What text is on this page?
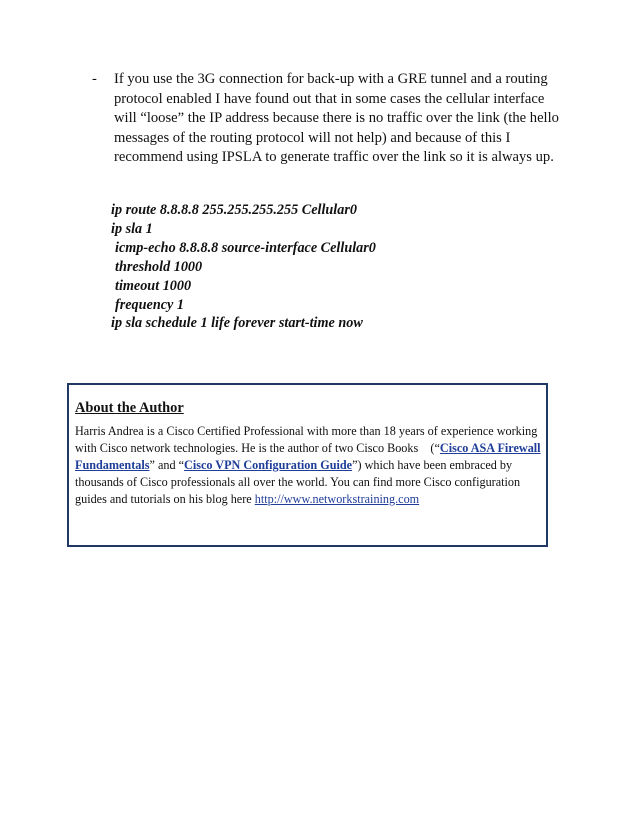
- If you use the 3G connection for back-up with a GRE tunnel and a routing
protocol enabled I have found out that in some cases the cellular interface
will “loose” the IP address because there is no traffic over the link (the hello
messages of the routing protocol will not help) and because of this I
recommend using IPSLA to generate traffic over the link so it is always up.
ip route 8.8.8.8 255.255.255.255 Cellular0
ip sla 1
icmp-echo 8.8.8.8 source-interface Cellular0
threshold 1000
timeout 1000
frequency 1
ip sla schedule 1 life forever start-time now
About the Author
Harris Andrea is a Cisco Certified Professional with more than 18 years of experience working
with Cisco network technologies. He is the author of two Cisco Books    (“Cisco ASA Firewall
Fundamentals” and “Cisco VPN Configuration Guide”) which have been embraced by
thousands of Cisco professionals all over the world. You can find more Cisco configuration
guides and tutorials on his blog here http://www.networkstraining.com
